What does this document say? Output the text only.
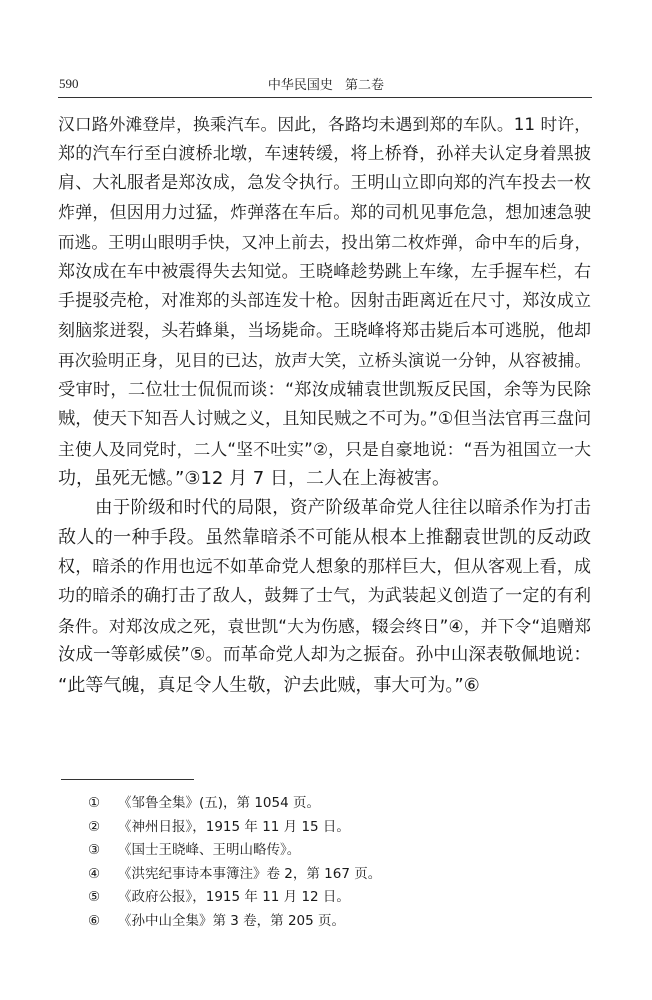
590	中华民国史 第二卷
汉口路外滩登岸，换乘汽车。因此，各路均未遇到郑的车队。11 时许，
郑的汽车行至白渡桥北墩，车速转缓，将上桥脊，孙祥夫认定身着黑披
肩、大礼服者是郑汝成，急发令执行。王明山立即向郑的汽车投去一枚
炸弹，但因用力过猛，炸弹落在车后。郑的司机见事危急，想加速急驶
而逃。王明山眼明手快，又冲上前去，投出第二枚炸弹，命中车的后身，
郑汝成在车中被震得失去知觉。王晓峰趁势跳上车缘，左手握车栏，右
手提驳壳枪，对准郑的头部连发十枪。因射击距离近在尺寸，郑汝成立
刻脑浆迸裂，头若蜂巢，当场毙命。王晓峰将郑击毙后本可逃脱，他却
再次验明正身，见目的已达，放声大笑，立桥头演说一分钟，从容被捕。
受审时，二位壮士侃侃而谈：“郑汝成辅袁世凯叛反民国，余等为民除
贼，使天下知吾人讨贼之义，且知民贼之不可为。”①但当法官再三盘问
主使人及同党时，二人“坚不吐实”②，只是自豪地说：“吾为祖国立一大
功，虽死无憾。”③12 月 7 日，二人在上海被害。
由于阶级和时代的局限，资产阶级革命党人往往以暗杀作为打击
敌人的一种手段。虽然靠暗杀不可能从根本上推翻袁世凯的反动政
权，暗杀的作用也远不如革命党人想象的那样巨大，但从客观上看，成
功的暗杀的确打击了敌人，鼓舞了士气，为武装起义创造了一定的有利
条件。对郑汝成之死，袁世凯“大为伤感，辍会终日”④，并下令“追赠郑
汝成一等彰威侯”⑤。而革命党人却为之振奋。孙中山深表敬佩地说：
“此等气魄，真足令人生敬，沪去此贼，事大可为。”⑥
① 《邹鲁全集》(五)，第 1054 页。
② 《神州日报》，1915 年 11 月 15 日。
③ 《国士王晓峰、王明山略传》。
④ 《洪宪纪事诗本事簿注》卷 2，第 167 页。
⑤ 《政府公报》，1915 年 11 月 12 日。
⑥ 《孙中山全集》第 3 卷，第 205 页。
